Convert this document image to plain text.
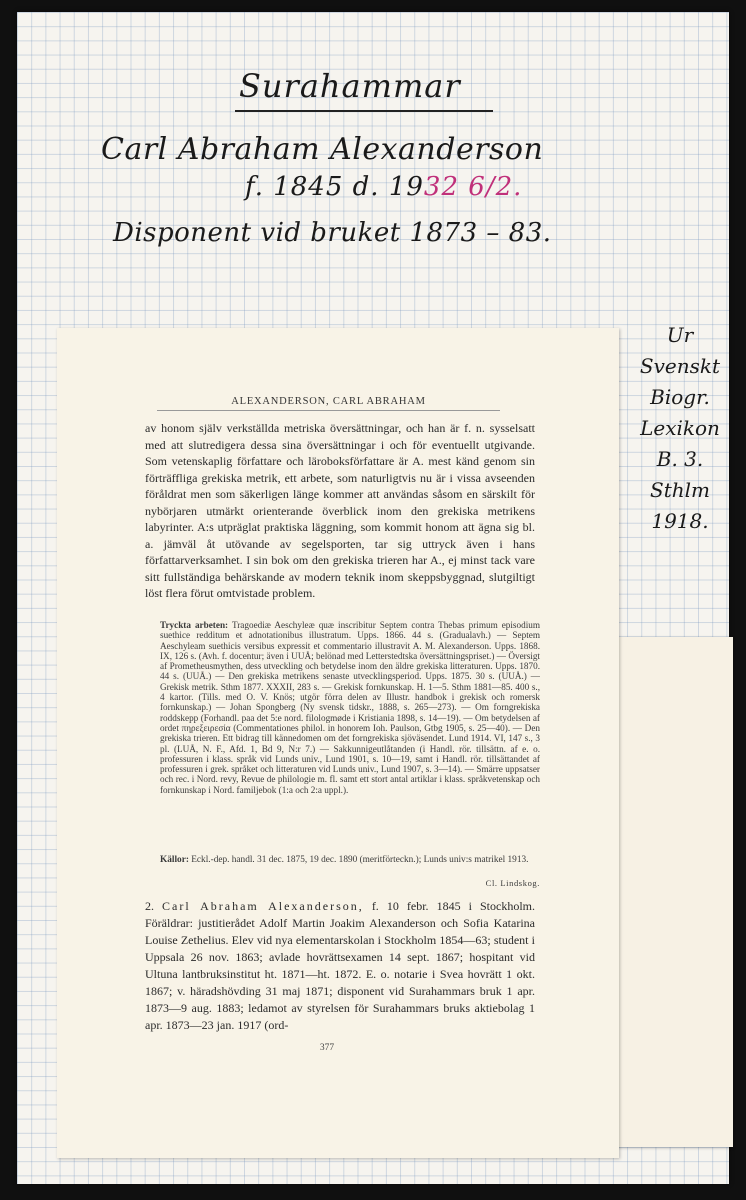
Surahammar
Carl Abraham Alexanderson
f. 1845 d. 1932 6/2.
Disponent vid bruket 1873 – 83.
Ur
Svenskt
Biogr.
Lexikon
B. 3.
Sthlm
1918.
ALEXANDERSON, CARL ABRAHAM
av honom själv verkställda metriska översättningar, och han är f. n. sysselsatt med att slutredigera dessa sina översättningar i och för eventuellt utgivande. Som vetenskaplig författare och läroboksförfattare är A. mest känd genom sin förträffliga grekiska metrik, ett arbete, som naturligtvis nu är i vissa avseenden föråldrat men som säkerligen länge kommer att användas såsom en särskilt för nybörjaren utmärkt orienterande överblick inom den grekiska metrikens labyrinter. A:s utpräglat praktiska läggning, som kommit honom att ägna sig bl. a. jämväl åt utövande av segelsporten, tar sig uttryck även i hans författarverksamhet. I sin bok om den grekiska trieren har A., ej minst tack vare sitt fullständiga behärskande av modern teknik inom skeppsbyggnad, slutgiltigt löst flera förut omtvistade problem.
Tryckta arbeten: Tragoediæ Aeschyleæ quæ inscribitur Septem contra Thebas primum episodium suethice redditum et adnotationibus illustratum. Upps. 1866. 44 s. (Gradualavh.) — Septem Aeschyleam suethicis versibus expressit et commentario illustravit A. M. Alexanderson. Upps. 1868. IX, 126 s. (Avh. f. docentur; även i UUÅ; belönad med Letterstedtska översättningspriset.) — Översigt af Prometheusmythen, dess utveckling och betydelse inom den äldre grekiska litteraturen. Upps. 1870. 44 s. (UUÅ.) — Den grekiska metrikens senaste utvecklingsperiod. Upps. 1875. 30 s. (UUÅ.) — Grekisk metrik. Sthm 1877. XXXII, 283 s. — Grekisk fornkunskap. H. 1—5. Sthm 1881—85. 400 s., 4 kartor. (Tills. med O. V. Knös; utgör förra delen av Illustr. handbok i grekisk och romersk fornkunskap.) — Johan Spongberg (Ny svensk tidskr., 1888, s. 265—273). — Om forngrekiska roddskepp (Forhandl. paa det 5:e nord. filologmøde i Kristiania 1898, s. 14—19). — Om betydelsen af ordet πηρεξειρεσία (Commentationes philol. in honorem Ioh. Paulson, Gtbg 1905, s. 25—40). — Den grekiska trieren. Ett bidrag till kännedomen om det forngrekiska sjöväsendet. Lund 1914. VI, 147 s., 3 pl. (LUÅ, N. F., Afd. 1, Bd 9, N:r 7.) — Sakkunnigeutlåtanden (i Handl. rör. tillsättn. af e. o. professuren i klass. språk vid Lunds univ., Lund 1901, s. 10—19, samt i Handl. rör. tillsättandet af professuren i grek. språket och litteraturen vid Lunds univ., Lund 1907, s. 3—14). — Smärre uppsatser och rec. i Nord. revy, Revue de philologie m. fl. samt ett stort antal artiklar i klass. språkvetenskap och fornkunskap i Nord. familjebok (1:a och 2:a uppl.).
Källor: Eckl.-dep. handl. 31 dec. 1875, 19 dec. 1890 (meritförteckn.); Lunds univ:s matrikel 1913.
Cl. Lindskog.
2. Carl Abraham Alexanderson, f. 10 febr. 1845 i Stockholm. Föräldrar: justitierådet Adolf Martin Joakim Alexanderson och Sofia Katarina Louise Zethelius. Elev vid nya elementarskolan i Stockholm 1854—63; student i Uppsala 26 nov. 1863; avlade hovrättsexamen 14 sept. 1867; hospitant vid Ultuna lantbruksinstitut ht. 1871—ht. 1872. E. o. notarie i Svea hovrätt 1 okt. 1867; v. häradshövding 31 maj 1871; disponent vid Surahammars bruk 1 apr. 1873—9 aug. 1883; ledamot av styrelsen för Surahammars bruks aktiebolag 1 apr. 1873—23 jan. 1917 (ord-
377
